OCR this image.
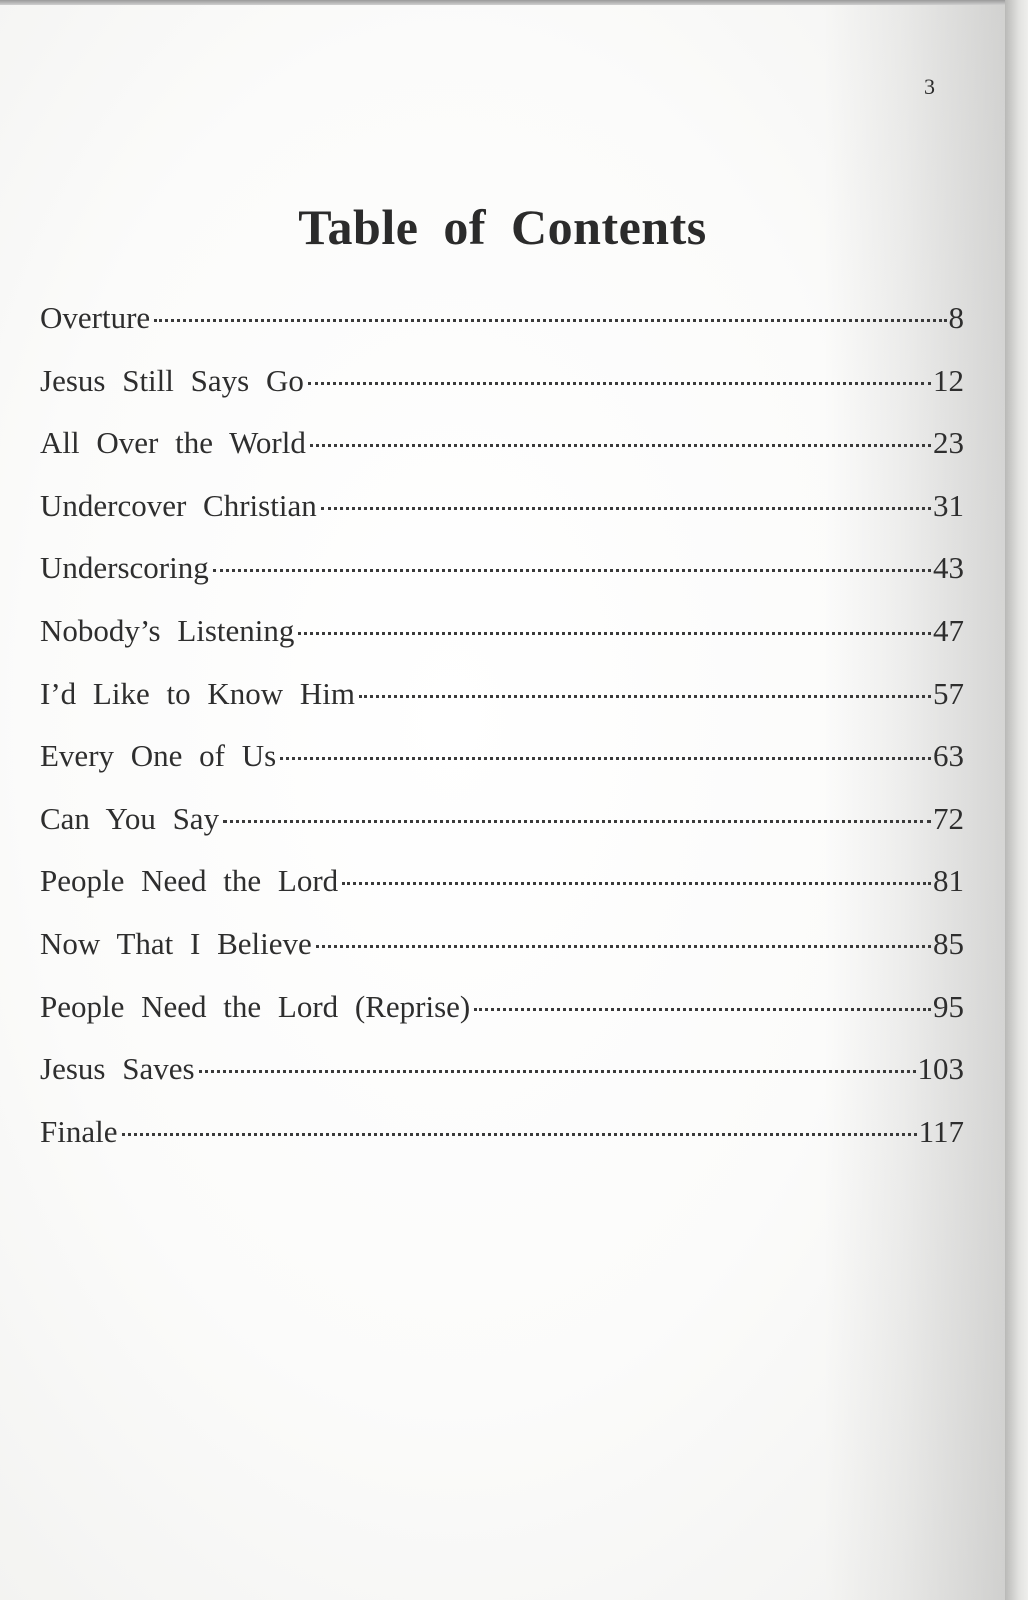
3
Table of Contents
Overture	8
Jesus Still Says Go	12
All Over the World	23
Undercover Christian	31
Underscoring	43
Nobody’s Listening	47
I’d Like to Know Him	57
Every One of Us	63
Can You Say	72
People Need the Lord	81
Now That I Believe	85
People Need the Lord (Reprise)	95
Jesus Saves	103
Finale	117
